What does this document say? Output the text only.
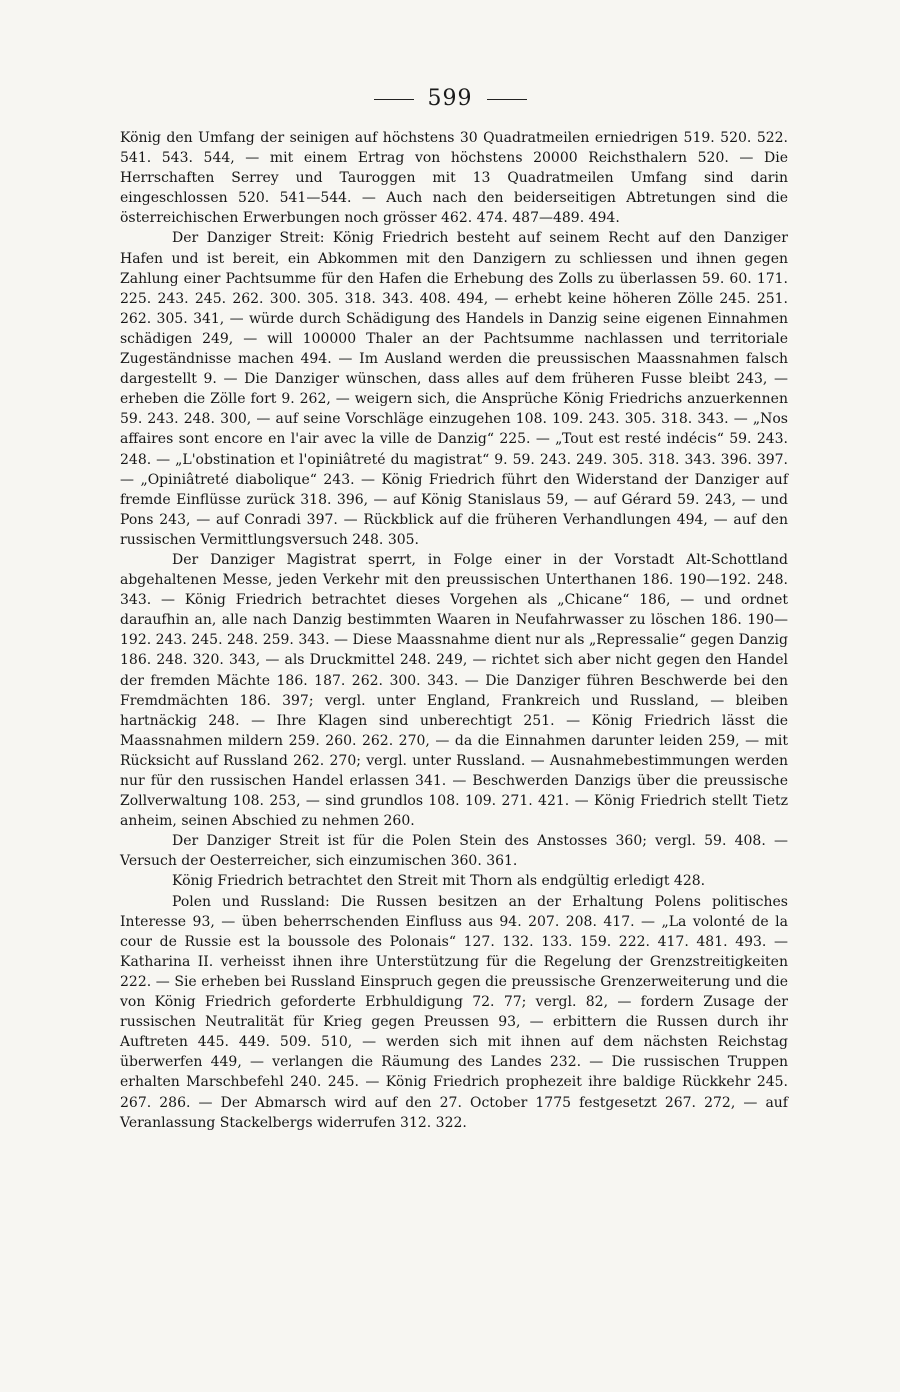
599

König den Umfang der seinigen auf höchstens 30 Quadratmeilen erniedrigen 519. 520. 522. 541. 543. 544, — mit einem Ertrag von höchstens 20000 Reichsthalern 520. — Die Herrschaften Serrey und Tauroggen mit 13 Quadratmeilen Umfang sind darin eingeschlossen 520. 541—544. — Auch nach den beiderseitigen Abtretungen sind die österreichischen Erwerbungen noch grösser 462. 474. 487—489. 494.

Der Danziger Streit: König Friedrich besteht auf seinem Recht auf den Danziger Hafen und ist bereit, ein Abkommen mit den Danzigern zu schliessen und ihnen gegen Zahlung einer Pachtsumme für den Hafen die Erhebung des Zolls zu überlassen 59. 60. 171. 225. 243. 245. 262. 300. 305. 318. 343. 408. 494, — erhebt keine höheren Zölle 245. 251. 262. 305. 341, — würde durch Schädigung des Handels in Danzig seine eigenen Einnahmen schädigen 249, — will 100000 Thaler an der Pachtsumme nachlassen und territoriale Zugeständnisse machen 494. — Im Ausland werden die preussischen Maassnahmen falsch dargestellt 9. — Die Danziger wünschen, dass alles auf dem früheren Fusse bleibt 243, — erheben die Zölle fort 9. 262, — weigern sich, die Ansprüche König Friedrichs anzuerkennen 59. 243. 248. 300, — auf seine Vorschläge einzugehen 108. 109. 243. 305. 318. 343. — „Nos affaires sont encore en l'air avec la ville de Danzig“ 225. — „Tout est resté indécis“ 59. 243. 248. — „L'obstination et l'opiniâtreté du magistrat“ 9. 59. 243. 249. 305. 318. 343. 396. 397. — „Opiniâtreté diabolique“ 243. — König Friedrich führt den Widerstand der Danziger auf fremde Einflüsse zurück 318. 396, — auf König Stanislaus 59, — auf Gérard 59. 243, — und Pons 243, — auf Conradi 397. — Rückblick auf die früheren Verhandlungen 494, — auf den russischen Vermittlungsversuch 248. 305.

Der Danziger Magistrat sperrt, in Folge einer in der Vorstadt Alt-Schottland abgehaltenen Messe, jeden Verkehr mit den preussischen Unterthanen 186. 190—192. 248. 343. — König Friedrich betrachtet dieses Vorgehen als „Chicane“ 186, — und ordnet daraufhin an, alle nach Danzig bestimmten Waaren in Neufahrwasser zu löschen 186. 190—192. 243. 245. 248. 259. 343. — Diese Maassnahme dient nur als „Repressalie“ gegen Danzig 186. 248. 320. 343, — als Druckmittel 248. 249, — richtet sich aber nicht gegen den Handel der fremden Mächte 186. 187. 262. 300. 343. — Die Danziger führen Beschwerde bei den Fremdmächten 186. 397; vergl. unter England, Frankreich und Russland, — bleiben hartnäckig 248. — Ihre Klagen sind unberechtigt 251. — König Friedrich lässt die Maassnahmen mildern 259. 260. 262. 270, — da die Einnahmen darunter leiden 259, — mit Rücksicht auf Russland 262. 270; vergl. unter Russland. — Ausnahmebestimmungen werden nur für den russischen Handel erlassen 341. — Beschwerden Danzigs über die preussische Zollverwaltung 108. 253, — sind grundlos 108. 109. 271. 421. — König Friedrich stellt Tietz anheim, seinen Abschied zu nehmen 260.

Der Danziger Streit ist für die Polen Stein des Anstosses 360; vergl. 59. 408. — Versuch der Oesterreicher, sich einzumischen 360. 361.

König Friedrich betrachtet den Streit mit Thorn als endgültig erledigt 428.

Polen und Russland: Die Russen besitzen an der Erhaltung Polens politisches Interesse 93, — üben beherrschenden Einfluss aus 94. 207. 208. 417. — „La volonté de la cour de Russie est la boussole des Polonais“ 127. 132. 133. 159. 222. 417. 481. 493. — Katharina II. verheisst ihnen ihre Unterstützung für die Regelung der Grenzstreitigkeiten 222. — Sie erheben bei Russland Einspruch gegen die preussische Grenzerweiterung und die von König Friedrich geforderte Erbhuldigung 72. 77; vergl. 82, — fordern Zusage der russischen Neutralität für Krieg gegen Preussen 93, — erbittern die Russen durch ihr Auftreten 445. 449. 509. 510, — werden sich mit ihnen auf dem nächsten Reichstag überwerfen 449, — verlangen die Räumung des Landes 232. — Die russischen Truppen erhalten Marschbefehl 240. 245. — König Friedrich prophezeit ihre baldige Rückkehr 245. 267. 286. — Der Abmarsch wird auf den 27. October 1775 festgesetzt 267. 272, — auf Veranlassung Stackelbergs widerrufen 312. 322.
